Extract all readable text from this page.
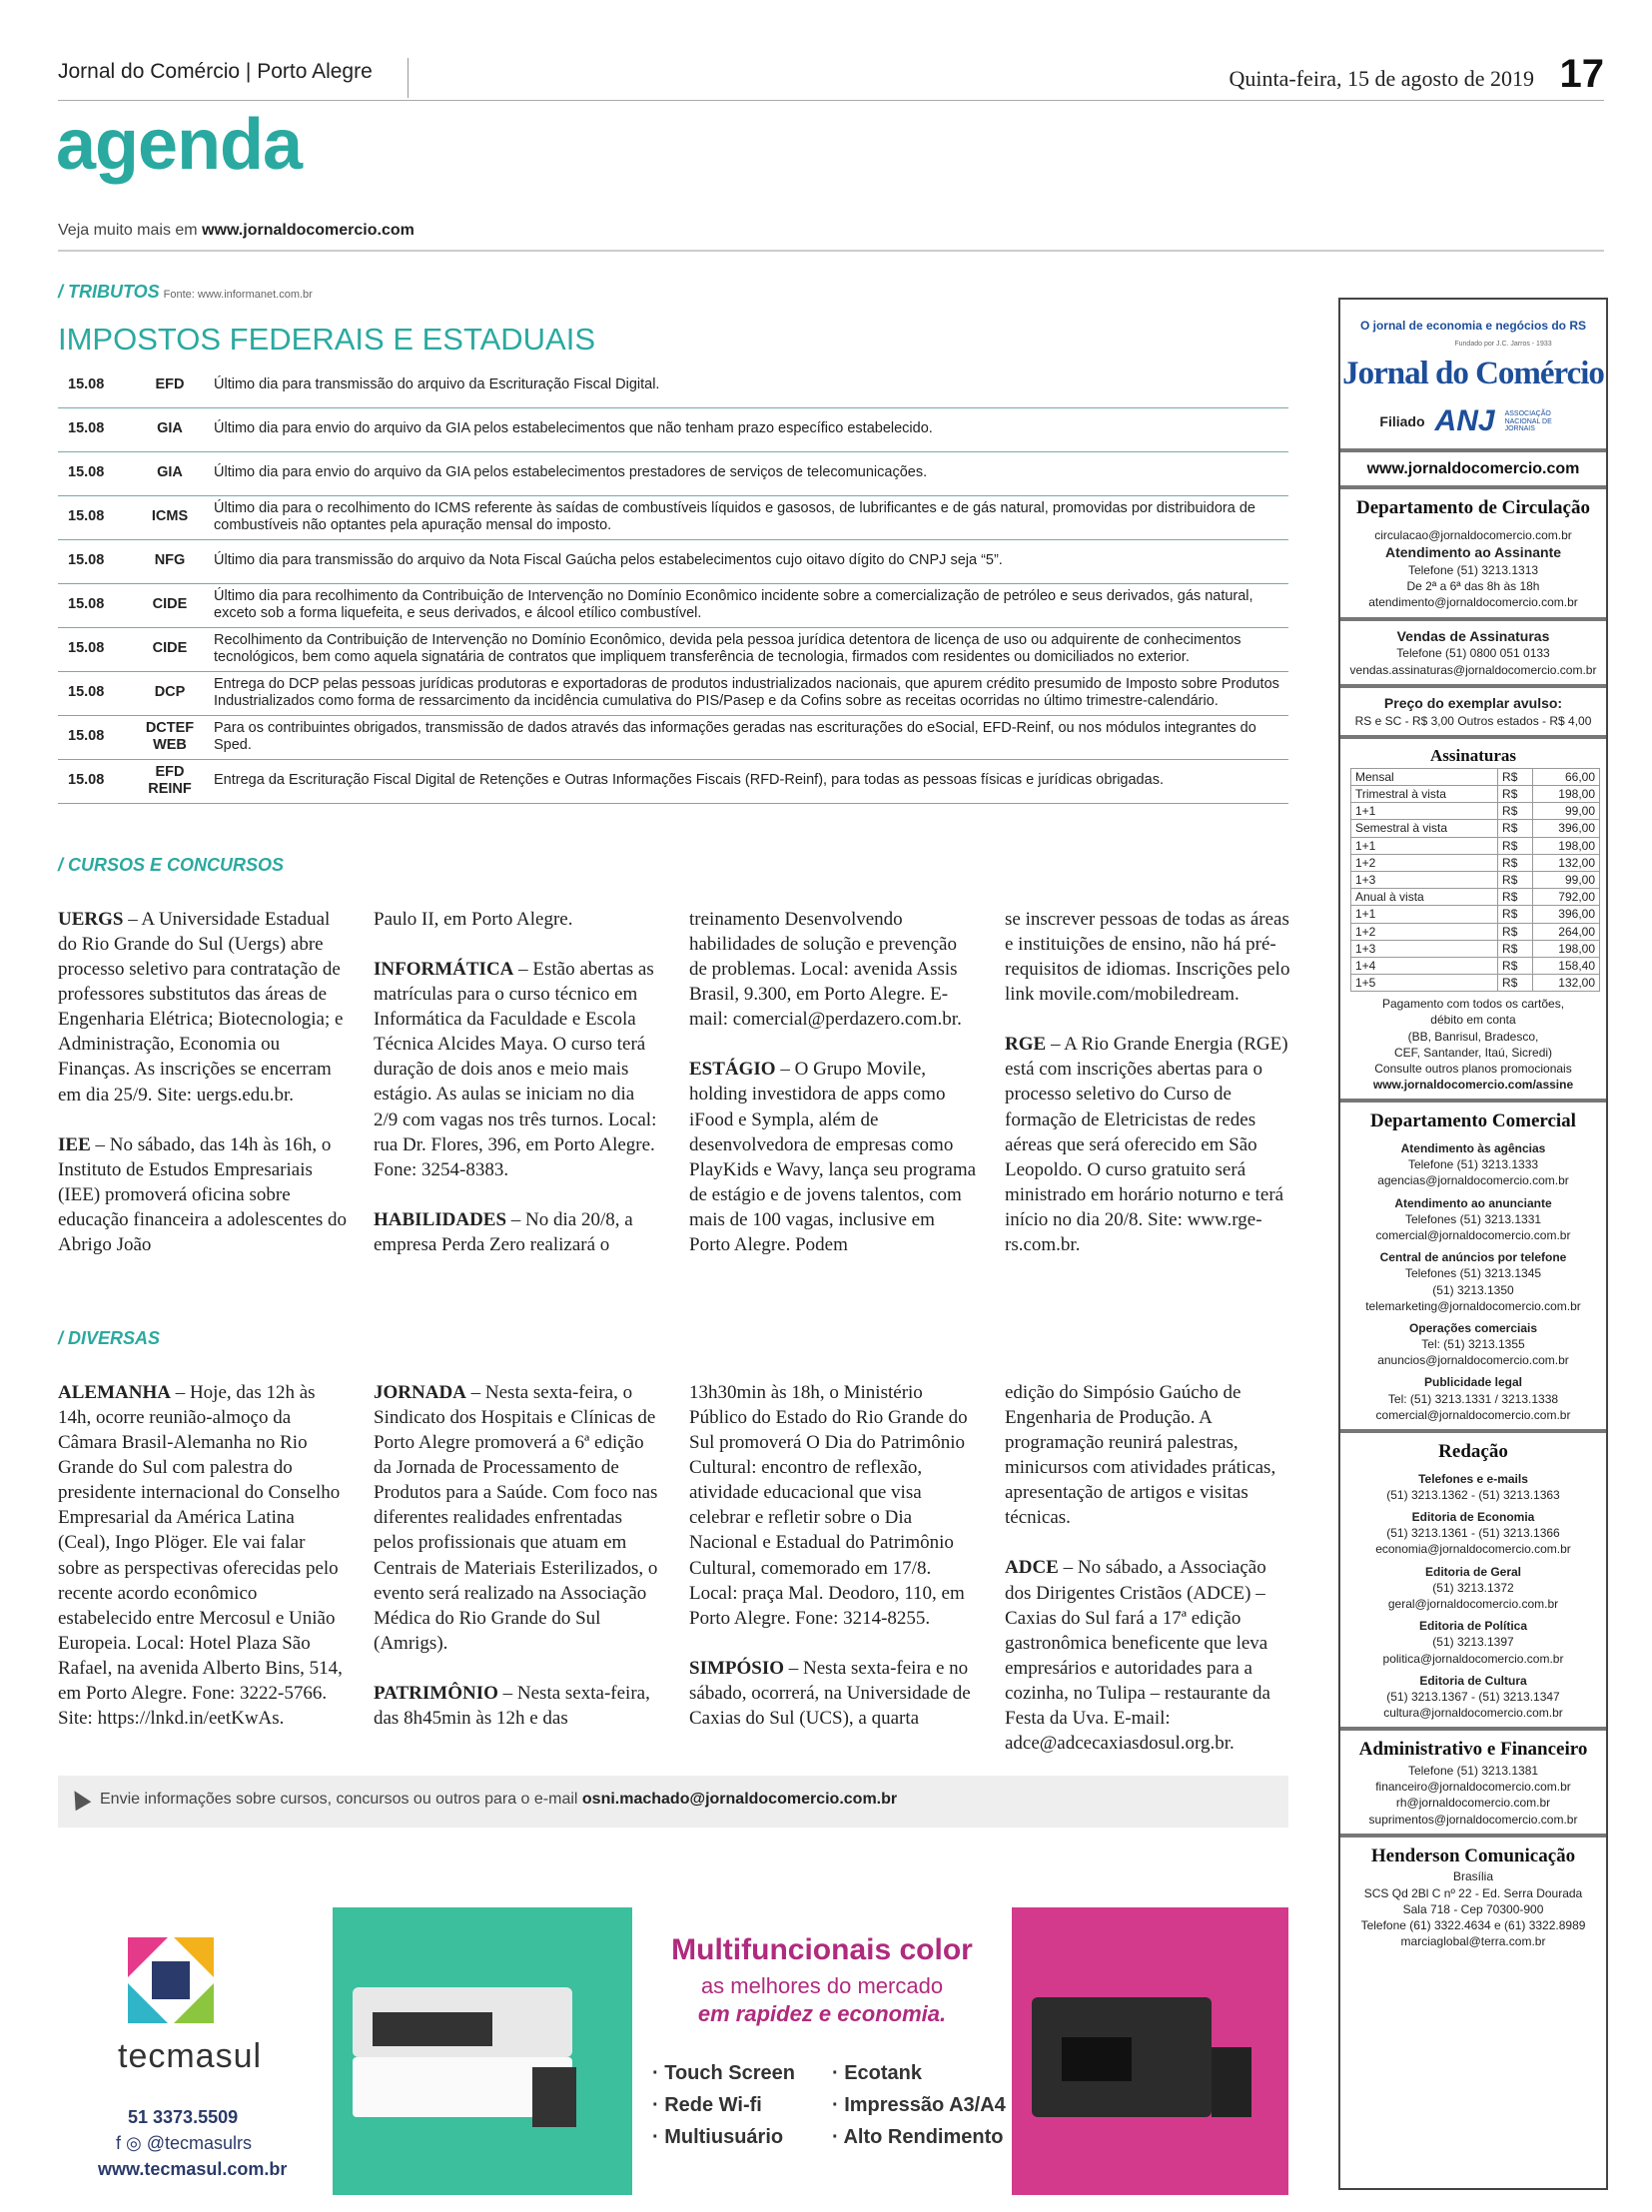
Jornal do Comércio | Porto Alegre	Quinta-feira, 15 de agosto de 2019 17
agenda
Veja muito mais em www.jornaldocomercio.com
/ TRIBUTOS Fonte: www.informanet.com.br
IMPOSTOS FEDERAIS E ESTADUAIS
15.08	EFD	Último dia para transmissão do arquivo da Escrituração Fiscal Digital.
15.08	GIA	Último dia para envio do arquivo da GIA pelos estabelecimentos que não tenham prazo específico estabelecido.
15.08	GIA	Último dia para envio do arquivo da GIA pelos estabelecimentos prestadores de serviços de telecomunicações.
15.08	ICMS	Último dia para o recolhimento do ICMS referente às saídas de combustíveis líquidos e gasosos, de lubrificantes e de gás natural, promovidas por distribuidora de combustíveis não optantes pela apuração mensal do imposto.
15.08	NFG	Último dia para transmissão do arquivo da Nota Fiscal Gaúcha pelos estabelecimentos cujo oitavo dígito do CNPJ seja “5”.
15.08	CIDE	Último dia para recolhimento da Contribuição de Intervenção no Domínio Econômico incidente sobre a comercialização de petróleo e seus derivados, gás natural, exceto sob a forma liquefeita, e seus derivados, e álcool etílico combustível.
15.08	CIDE	Recolhimento da Contribuição de Intervenção no Domínio Econômico, devida pela pessoa jurídica detentora de licença de uso ou adquirente de conhecimentos tecnológicos, bem como aquela signatária de contratos que impliquem transferência de tecnologia, firmados com residentes ou domiciliados no exterior.
15.08	DCP	Entrega do DCP pelas pessoas jurídicas produtoras e exportadoras de produtos industrializados nacionais, que apurem crédito presumido de Imposto sobre Produtos Industrializados como forma de ressarcimento da incidência cumulativa do PIS/Pasep e da Cofins sobre as receitas ocorridas no último trimestre-calendário.
15.08	DCTEF WEB	Para os contribuintes obrigados, transmissão de dados através das informações geradas nas escriturações do eSocial, EFD-Reinf, ou nos módulos integrantes do Sped.
15.08	EFD REINF	Entrega da Escrituração Fiscal Digital de Retenções e Outras Informações Fiscais (RFD-Reinf), para todas as pessoas físicas e jurídicas obrigadas.
/ CURSOS E CONCURSOS

UERGS – A Universidade Estadual do Rio Grande do Sul (Uergs) abre processo seletivo para contratação de professores substitutos das áreas de Engenharia Elétrica; Biotecnologia; e Administração, Economia ou Finanças. As inscrições se encerram em dia 25/9. Site: uergs.edu.br.

IEE – No sábado, das 14h às 16h, o Instituto de Estudos Empresariais (IEE) promoverá oficina sobre educação financeira a adolescentes do Abrigo João

Paulo II, em Porto Alegre.

INFORMÁTICA – Estão abertas as matrículas para o curso técnico em Informática da Faculdade e Escola Técnica Alcides Maya. O curso terá duração de dois anos e meio mais estágio. As aulas se iniciam no dia 2/9 com vagas nos três turnos. Local: rua Dr. Flores, 396, em Porto Alegre. Fone: 3254-8383.

HABILIDADES – No dia 20/8, a empresa Perda Zero realizará o

treinamento Desenvolvendo habilidades de solução e prevenção de problemas. Local: avenida Assis Brasil, 9.300, em Porto Alegre. E-mail: comercial@perdazero.com.br.

ESTÁGIO – O Grupo Movile, holding investidora de apps como iFood e Sympla, além de desenvolvedora de empresas como PlayKids e Wavy, lança seu programa de estágio e de jovens talentos, com mais de 100 vagas, inclusive em Porto Alegre. Podem

se inscrever pessoas de todas as áreas e instituições de ensino, não há pré-requisitos de idiomas. Inscrições pelo link movile.com/mobiledream.

RGE – A Rio Grande Energia (RGE) está com inscrições abertas para o processo seletivo do Curso de formação de Eletricistas de redes aéreas que será oferecido em São Leopoldo. O curso gratuito será ministrado em horário noturno e terá início no dia 20/8. Site: www.rge-rs.com.br.

/ DIVERSAS

ALEMANHA – Hoje, das 12h às 14h, ocorre reunião-almoço da Câmara Brasil-Alemanha no Rio Grande do Sul com palestra do presidente internacional do Conselho Empresarial da América Latina (Ceal), Ingo Plöger. Ele vai falar sobre as perspectivas oferecidas pelo recente acordo econômico estabelecido entre Mercosul e União Europeia. Local: Hotel Plaza São Rafael, na avenida Alberto Bins, 514, em Porto Alegre. Fone: 3222-5766. Site: https://lnkd.in/eetKwAs.

JORNADA – Nesta sexta-feira, o Sindicato dos Hospitais e Clínicas de Porto Alegre promoverá a 6ª edição da Jornada de Processamento de Produtos para a Saúde. Com foco nas diferentes realidades enfrentadas pelos profissionais que atuam em Centrais de Materiais Esterilizados, o evento será realizado na Associação Médica do Rio Grande do Sul (Amrigs).

PATRIMÔNIO – Nesta sexta-feira, das 8h45min às 12h e das

13h30min às 18h, o Ministério Público do Estado do Rio Grande do Sul promoverá O Dia do Patrimônio Cultural: encontro de reflexão, atividade educacional que visa celebrar e refletir sobre o Dia Nacional e Estadual do Patrimônio Cultural, comemorado em 17/8. Local: praça Mal. Deodoro, 110, em Porto Alegre. Fone: 3214-8255.

SIMPÓSIO – Nesta sexta-feira e no sábado, ocorrerá, na Universidade de Caxias do Sul (UCS), a quarta

edição do Simpósio Gaúcho de Engenharia de Produção. A programação reunirá palestras, minicursos com atividades práticas, apresentação de artigos e visitas técnicas.

ADCE – No sábado, a Associação dos Dirigentes Cristãos (ADCE) – Caxias do Sul fará a 17ª edição gastronômica beneficente que leva empresários e autoridades para a cozinha, no Tulipa – restaurante da Festa da Uva. E-mail: adce@adcecaxiasdosul.org.br.

Envie informações sobre cursos, concursos ou outros para o e-mail osni.machado@jornaldocomercio.com.br
tecmasul
51 3373.5509
f ◎ @tecmasulrs
www.tecmasul.com.br
Multifuncionais color
as melhores do mercado
em rapidez e economia.
· Touch Screen
· Rede Wi-fi
· Multiusuário
· Ecotank
· Impressão A3/A4
· Alto Rendimento
O jornal de economia e negócios do RS
Fundado por J.C. Jarros - 1933
Jornal do Comércio
Filiado ANJ ASSOCIAÇÃO NACIONAL DE JORNAIS
www.jornaldocomercio.com
Departamento de Circulação
circulacao@jornaldocomercio.com.br
Atendimento ao Assinante
Telefone (51) 3213.1313
De 2ª a 6ª das 8h às 18h
atendimento@jornaldocomercio.com.br
Vendas de Assinaturas
Telefone (51) 0800 051 0133
vendas.assinaturas@jornaldocomercio.com.br
Preço do exemplar avulso:
RS e SC - R$ 3,00 Outros estados - R$ 4,00
Assinaturas
Mensal	R$	66,00
Trimestral à vista	R$	198,00
1+1	R$	99,00
Semestral à vista	R$	396,00
1+1	R$	198,00
1+2	R$	132,00
1+3	R$	99,00
Anual à vista	R$	792,00
1+1	R$	396,00
1+2	R$	264,00
1+3	R$	198,00
1+4	R$	158,40
1+5	R$	132,00
Pagamento com todos os cartões,
débito em conta
(BB, Banrisul, Bradesco,
CEF, Santander, Itaú, Sicredi)
Consulte outros planos promocionais
www.jornaldocomercio.com/assine
Departamento Comercial
Atendimento às agências
Telefone (51) 3213.1333
agencias@jornaldocomercio.com.br
Atendimento ao anunciante
Telefones (51) 3213.1331
comercial@jornaldocomercio.com.br
Central de anúncios por telefone
Telefones (51) 3213.1345
(51) 3213.1350
telemarketing@jornaldocomercio.com.br
Operações comerciais
Tel: (51) 3213.1355
anuncios@jornaldocomercio.com.br
Publicidade legal
Tel: (51) 3213.1331 / 3213.1338
comercial@jornaldocomercio.com.br
Redação
Telefones e e-mails
(51) 3213.1362 - (51) 3213.1363
Editoria de Economia
(51) 3213.1361 - (51) 3213.1366
economia@jornaldocomercio.com.br
Editoria de Geral
(51) 3213.1372
geral@jornaldocomercio.com.br
Editoria de Política
(51) 3213.1397
politica@jornaldocomercio.com.br
Editoria de Cultura
(51) 3213.1367 - (51) 3213.1347
cultura@jornaldocomercio.com.br
Administrativo e Financeiro
Telefone (51) 3213.1381
financeiro@jornaldocomercio.com.br
rh@jornaldocomercio.com.br
suprimentos@jornaldocomercio.com.br
Henderson Comunicação
Brasília
SCS Qd 2Bl C nº 22 - Ed. Serra Dourada
Sala 718 - Cep 70300-900
Telefone (61) 3322.4634 e (61) 3322.8989
marciaglobal@terra.com.br
